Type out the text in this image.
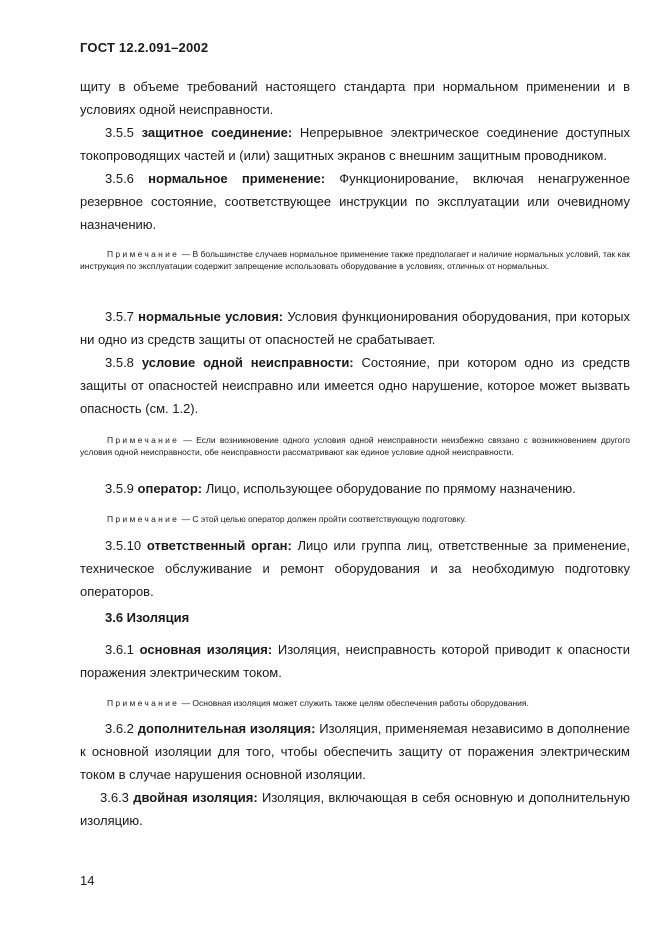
ГОСТ 12.2.091–2002
щиту в объеме требований настоящего стандарта при нормальном применении и в условиях одной неисправности.
3.5.5 защитное соединение: Непрерывное электрическое соединение доступных токопроводящих частей и (или) защитных экранов с внешним защитным проводником.
3.5.6 нормальное применение: Функционирование, включая ненагруженное резервное состояние, соответствующее инструкции по эксплуатации или очевидному назначению.
Примечание — В большинстве случаев нормальное применение также предполагает и наличие нормальных условий, так как инструкция по эксплуатации содержит запрещение использовать оборудование в условиях, отличных от нормальных.
3.5.7 нормальные условия: Условия функционирования оборудования, при которых ни одно из средств защиты от опасностей не срабатывает.
3.5.8 условие одной неисправности: Состояние, при котором одно из средств защиты от опасностей неисправно или имеется одно нарушение, которое может вызвать опасность (см. 1.2).
Примечание — Если возникновение одного условия одной неисправности неизбежно связано с возникновением другого условия одной неисправности, обе неисправности рассматривают как единое условие одной неисправности.
3.5.9 оператор: Лицо, использующее оборудование по прямому назначению.
Примечание — С этой целью оператор должен пройти соответствующую подготовку.
3.5.10 ответственный орган: Лицо или группа лиц, ответственные за применение, техническое обслуживание и ремонт оборудования и за необходимую подготовку операторов.
3.6 Изоляция
3.6.1 основная изоляция: Изоляция, неисправность которой приводит к опасности поражения электрическим током.
Примечание — Основная изоляция может служить также целям обеспечения работы оборудования.
3.6.2 дополнительная изоляция: Изоляция, применяемая независимо в дополнение к основной изоляции для того, чтобы обеспечить защиту от поражения электрическим током в случае нарушения основной изоляции.
3.6.3 двойная изоляция: Изоляция, включающая в себя основную и дополнительную изоляцию.
14
